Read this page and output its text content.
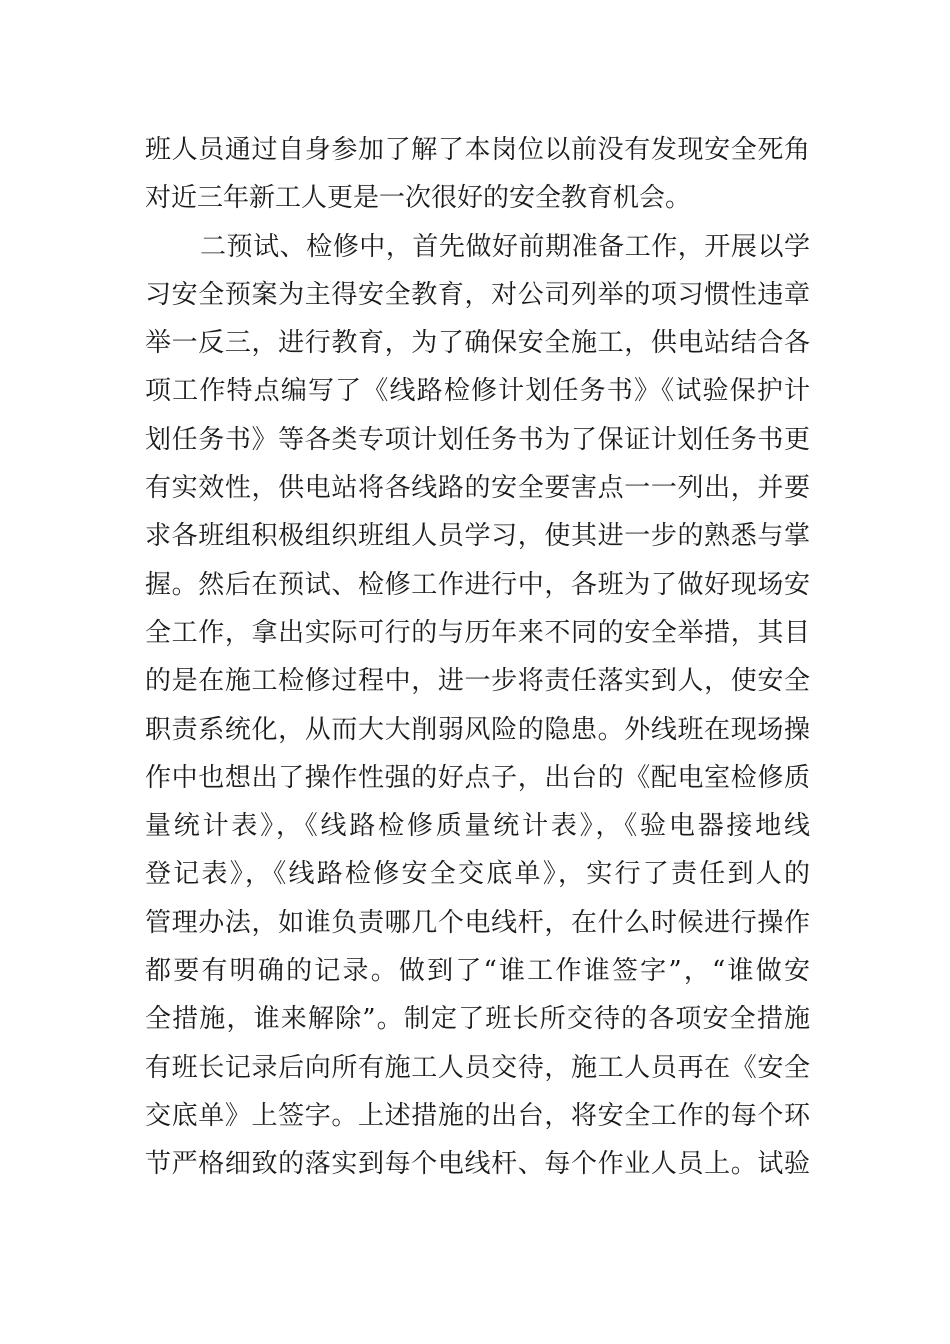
班人员通过自身参加了解了本岗位以前没有发现安全死角
对近三年新工人更是一次很好的安全教育机会。
二预试、检修中，首先做好前期准备工作，开展以学
习安全预案为主得安全教育，对公司列举的项习惯性违章
举一反三，进行教育，为了确保安全施工，供电站结合各
项工作特点编写了《线路检修计划任务书》《试验保护计
划任务书》等各类专项计划任务书为了保证计划任务书更
有实效性，供电站将各线路的安全要害点一一列出，并要
求各班组积极组织班组人员学习，使其进一步的熟悉与掌
握。然后在预试、检修工作进行中，各班为了做好现场安
全工作，拿出实际可行的与历年来不同的安全举措，其目
的是在施工检修过程中，进一步将责任落实到人，使安全
职责系统化，从而大大削弱风险的隐患。外线班在现场操
作中也想出了操作性强的好点子，出台的《配电室检修质
量统计表》，《线路检修质量统计表》，《验电器接地线
登记表》，《线路检修安全交底单》，实行了责任到人的
管理办法，如谁负责哪几个电线杆，在什么时候进行操作
都要有明确的记录。做到了“谁工作谁签字”，“谁做安
全措施，谁来解除”。制定了班长所交待的各项安全措施
有班长记录后向所有施工人员交待，施工人员再在《安全
交底单》上签字。上述措施的出台，将安全工作的每个环
节严格细致的落实到每个电线杆、每个作业人员上。试验
